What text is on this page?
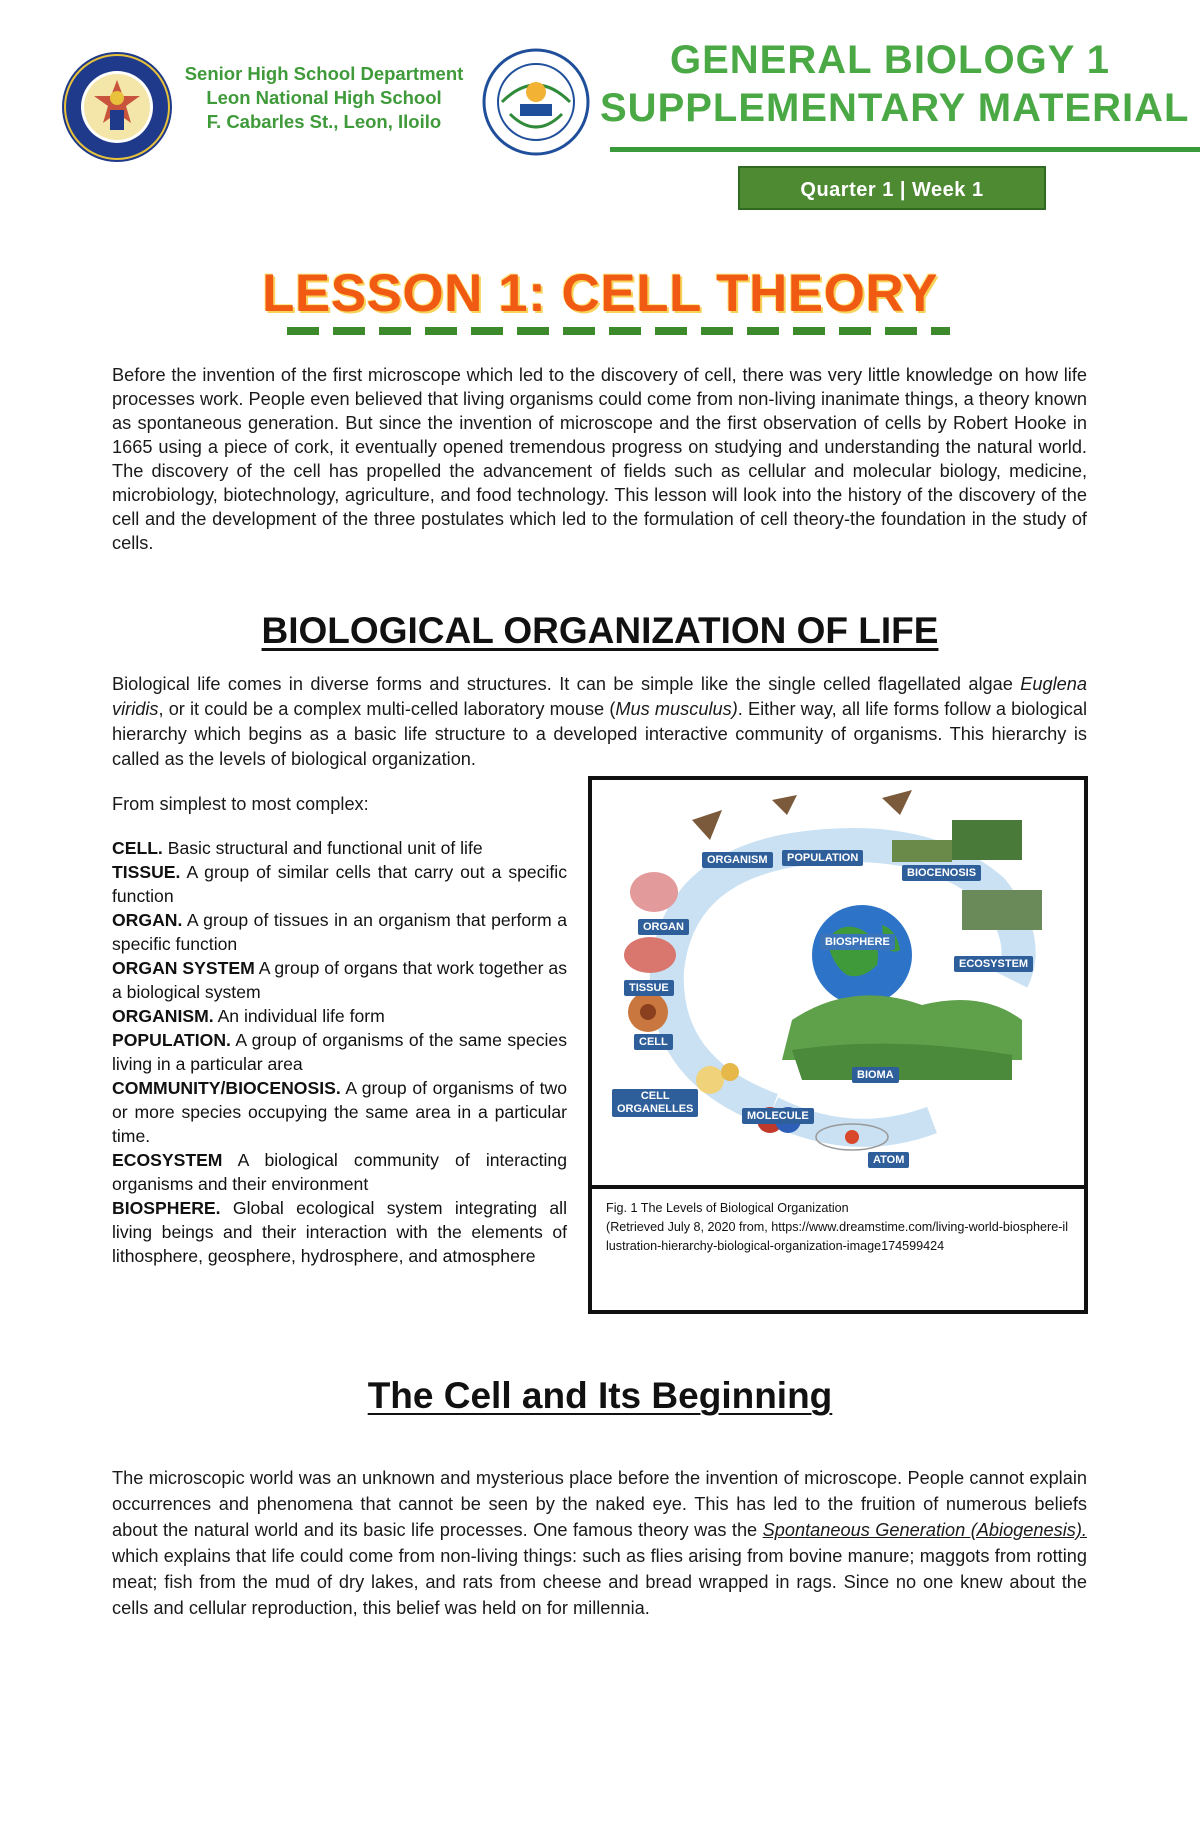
Senior High School Department
Leon National High School
F. Cabarles St., Leon, Iloilo
GENERAL BIOLOGY 1
SUPPLEMENTARY MATERIAL
Quarter 1 | Week 1
LESSON 1: CELL THEORY
Before the invention of the first microscope which led to the discovery of cell, there was very little knowledge on how life processes work. People even believed that living organisms could come from non-living inanimate things, a theory known as spontaneous generation. But since the invention of microscope and the first observation of cells by Robert Hooke in 1665 using a piece of cork, it eventually opened tremendous progress on studying and understanding the natural world. The discovery of the cell has propelled the advancement of fields such as cellular and molecular biology, medicine, microbiology, biotechnology, agriculture, and food technology. This lesson will look into the history of the discovery of the cell and the development of the three postulates which led to the formulation of cell theory-the foundation in the study of cells.
BIOLOGICAL ORGANIZATION OF LIFE
Biological life comes in diverse forms and structures. It can be simple like the single celled flagellated algae Euglena viridis, or it could be a complex multi-celled laboratory mouse (Mus musculus). Either way, all life forms follow a biological hierarchy which begins as a basic life structure to a developed interactive community of organisms. This hierarchy is called as the levels of biological organization.
From simplest to most complex:

CELL. Basic structural and functional unit of life

TISSUE. A group of similar cells that carry out a specific function

ORGAN. A group of tissues in an organism that perform a specific function

ORGAN SYSTEM A group of organs that work together as a biological system

ORGANISM. An individual life form

POPULATION. A group of organisms of the same species living in a particular area

COMMUNITY/BIOCENOSIS. A group of organisms of two or more species occupying the same area in a particular time.

ECOSYSTEM A biological community of interacting organisms and their environment

BIOSPHERE. Global ecological system integrating all living beings and their interaction with the elements of lithosphere, geosphere, hydrosphere, and atmosphere

ORGANISM	POPULATION
BIOCENOSIS
ORGAN
BIOSPHERE
ECOSYSTEM
TISSUE
CELL
BIOMA
CELL
ORGANELLES
MOLECULE
ATOM
Fig. 1 The Levels of Biological Organization
(Retrieved July 8, 2020 from, https://www.dreamstime.com/living-world-biosphere-illustration-hierarchy-biological-organization-image174599424
The Cell and Its Beginning
The microscopic world was an unknown and mysterious place before the invention of microscope. People cannot explain occurrences and phenomena that cannot be seen by the naked eye. This has led to the fruition of numerous beliefs about the natural world and its basic life processes. One famous theory was the Spontaneous Generation (Abiogenesis). which explains that life could come from non-living things: such as flies arising from bovine manure; maggots from rotting meat; fish from the mud of dry lakes, and rats from cheese and bread wrapped in rags. Since no one knew about the cells and cellular reproduction, this belief was held on for millennia.
